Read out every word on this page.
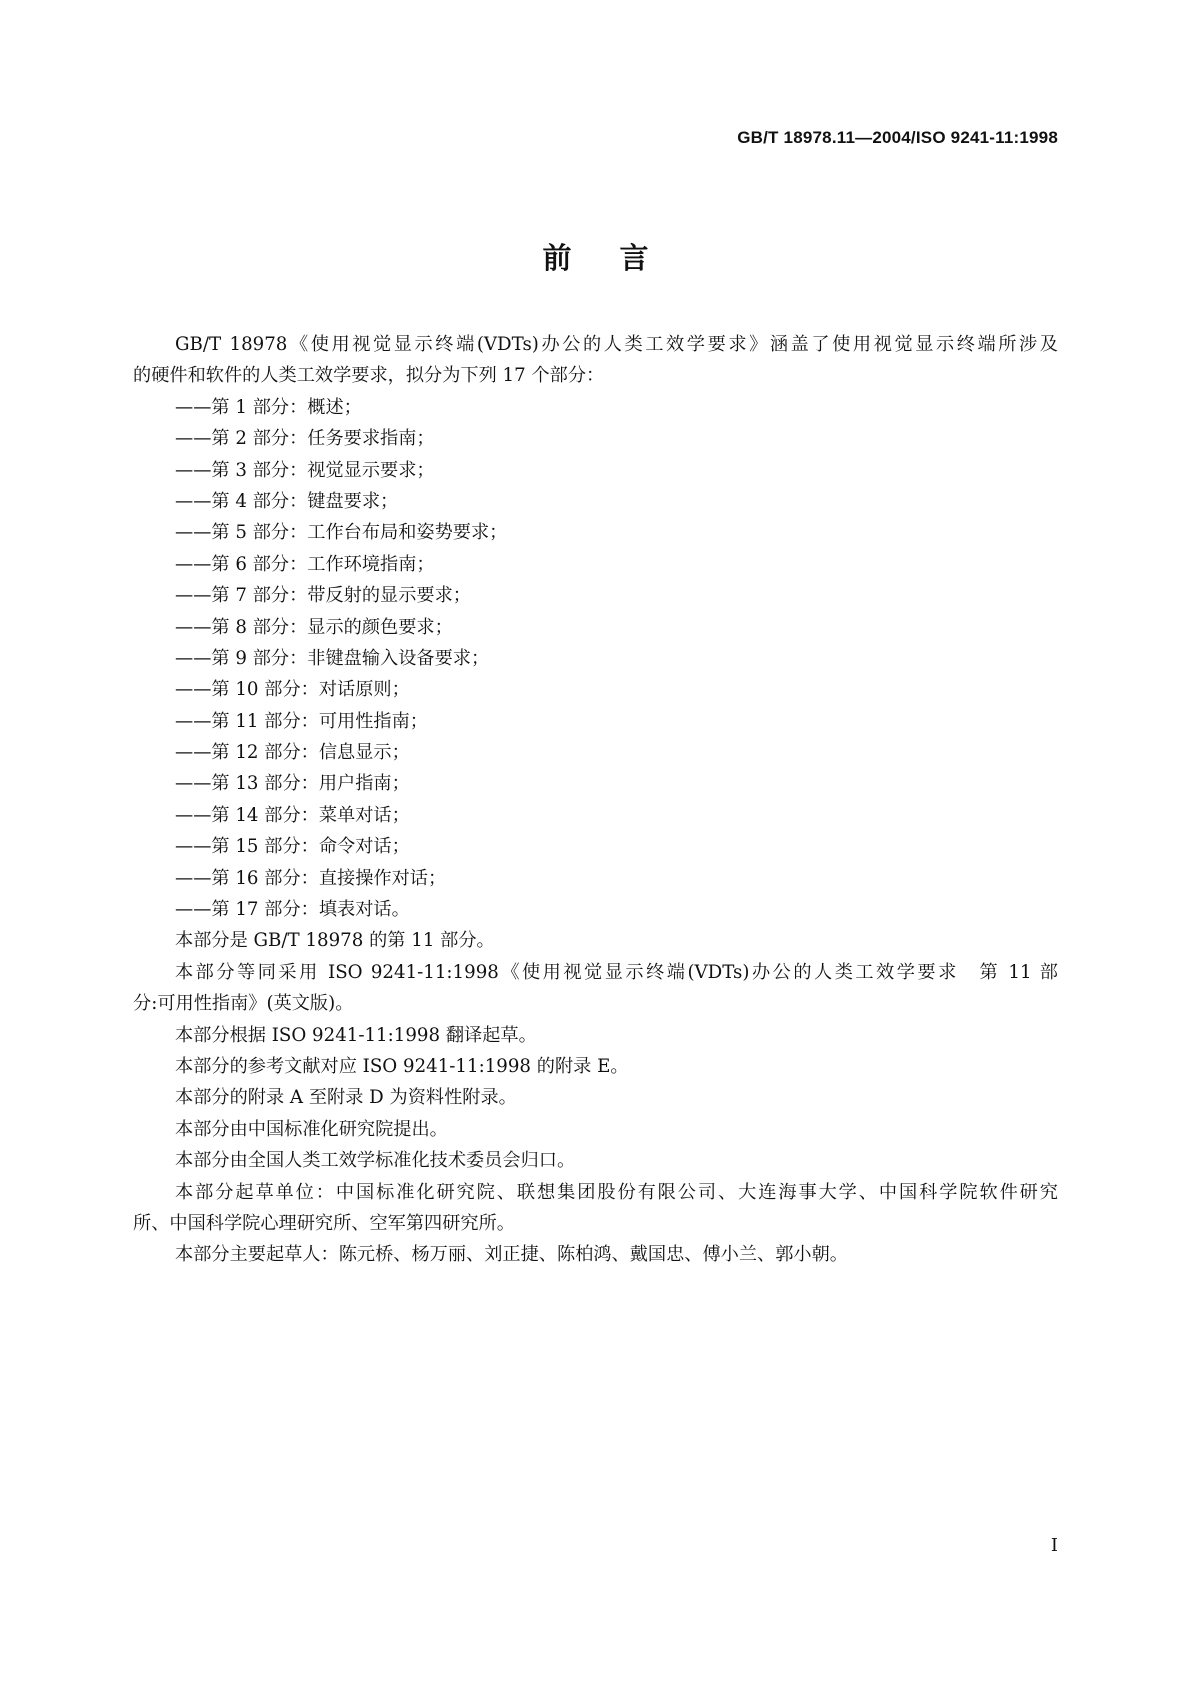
GB/T 18978.11—2004/ISO 9241-11:1998
前言
GB/T 18978《使用视觉显示终端(VDTs)办公的人类工效学要求》涵盖了使用视觉显示终端所涉及
的硬件和软件的人类工效学要求，拟分为下列 17 个部分：
——第 1 部分：概述；
——第 2 部分：任务要求指南；
——第 3 部分：视觉显示要求；
——第 4 部分：键盘要求；
——第 5 部分：工作台布局和姿势要求；
——第 6 部分：工作环境指南；
——第 7 部分：带反射的显示要求；
——第 8 部分：显示的颜色要求；
——第 9 部分：非键盘输入设备要求；
——第 10 部分：对话原则；
——第 11 部分：可用性指南；
——第 12 部分：信息显示；
——第 13 部分：用户指南；
——第 14 部分：菜单对话；
——第 15 部分：命令对话；
——第 16 部分：直接操作对话；
——第 17 部分：填表对话。
本部分是 GB/T 18978 的第 11 部分。
本部分等同采用 ISO 9241-11:1998《使用视觉显示终端(VDTs)办公的人类工效学要求　第 11 部
分:可用性指南》(英文版)。
本部分根据 ISO 9241-11:1998 翻译起草。
本部分的参考文献对应 ISO 9241-11:1998 的附录 E。
本部分的附录 A 至附录 D 为资料性附录。
本部分由中国标准化研究院提出。
本部分由全国人类工效学标准化技术委员会归口。
本部分起草单位：中国标准化研究院、联想集团股份有限公司、大连海事大学、中国科学院软件研究
所、中国科学院心理研究所、空军第四研究所。
本部分主要起草人：陈元桥、杨万丽、刘正捷、陈柏鸿、戴国忠、傅小兰、郭小朝。
I
